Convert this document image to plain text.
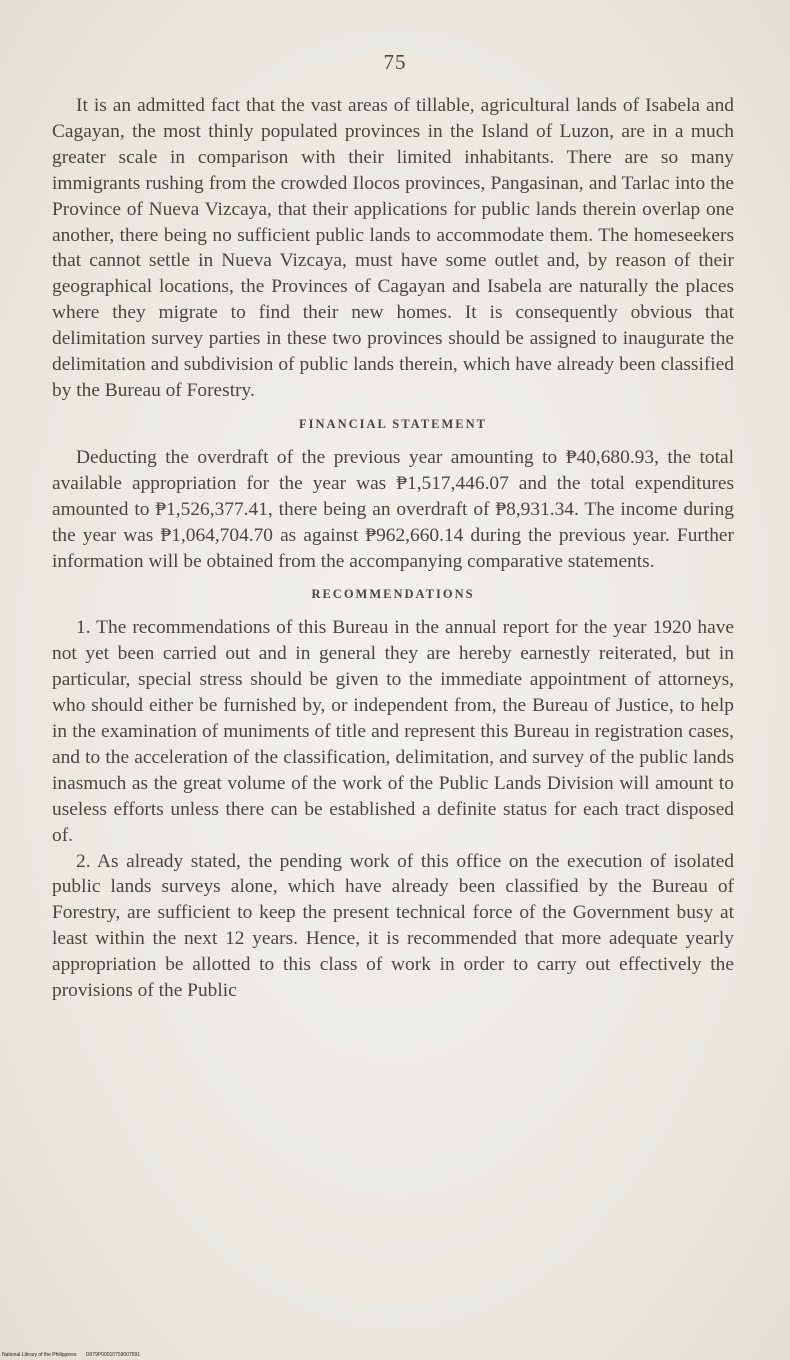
75

It is an admitted fact that the vast areas of tillable, agricultural lands of Isabela and Cagayan, the most thinly populated provinces in the Island of Luzon, are in a much greater scale in comparison with their limited inhabitants. There are so many immigrants rushing from the crowded Ilocos provinces, Pangasinan, and Tarlac into the Province of Nueva Vizcaya, that their applications for public lands therein overlap one another, there being no sufficient public lands to accommodate them. The homeseekers that cannot settle in Nueva Vizcaya, must have some outlet and, by reason of their geographical locations, the Provinces of Cagayan and Isabela are naturally the places where they migrate to find their new homes. It is consequently obvious that delimitation survey parties in these two provinces should be assigned to inaugurate the delimitation and subdivision of public lands therein, which have already been classified by the Bureau of Forestry.

FINANCIAL STATEMENT

Deducting the overdraft of the previous year amounting to ₱40,680.93, the total available appropriation for the year was ₱1,517,446.07 and the total expenditures amounted to ₱1,526,377.41, there being an overdraft of ₱8,931.34. The income during the year was ₱1,064,704.70 as against ₱962,660.14 during the previous year. Further information will be obtained from the accompanying comparative statements.

RECOMMENDATIONS

1. The recommendations of this Bureau in the annual report for the year 1920 have not yet been carried out and in general they are hereby earnestly reiterated, but in particular, special stress should be given to the immediate appointment of attorneys, who should either be furnished by, or independent from, the Bureau of Justice, to help in the examination of muniments of title and represent this Bureau in registration cases, and to the acceleration of the classification, delimitation, and survey of the public lands inasmuch as the great volume of the work of the Public Lands Division will amount to useless efforts unless there can be established a definite status for each tract disposed of.

2. As already stated, the pending work of this office on the execution of isolated public lands surveys alone, which have already been classified by the Bureau of Forestry, are sufficient to keep the present technical force of the Government busy at least within the next 12 years. Hence, it is recommended that more adequate yearly appropriation be allotted to this class of work in order to carry out effectively the provisions of the Public

National Library of the Philippines D079P00010759007591
